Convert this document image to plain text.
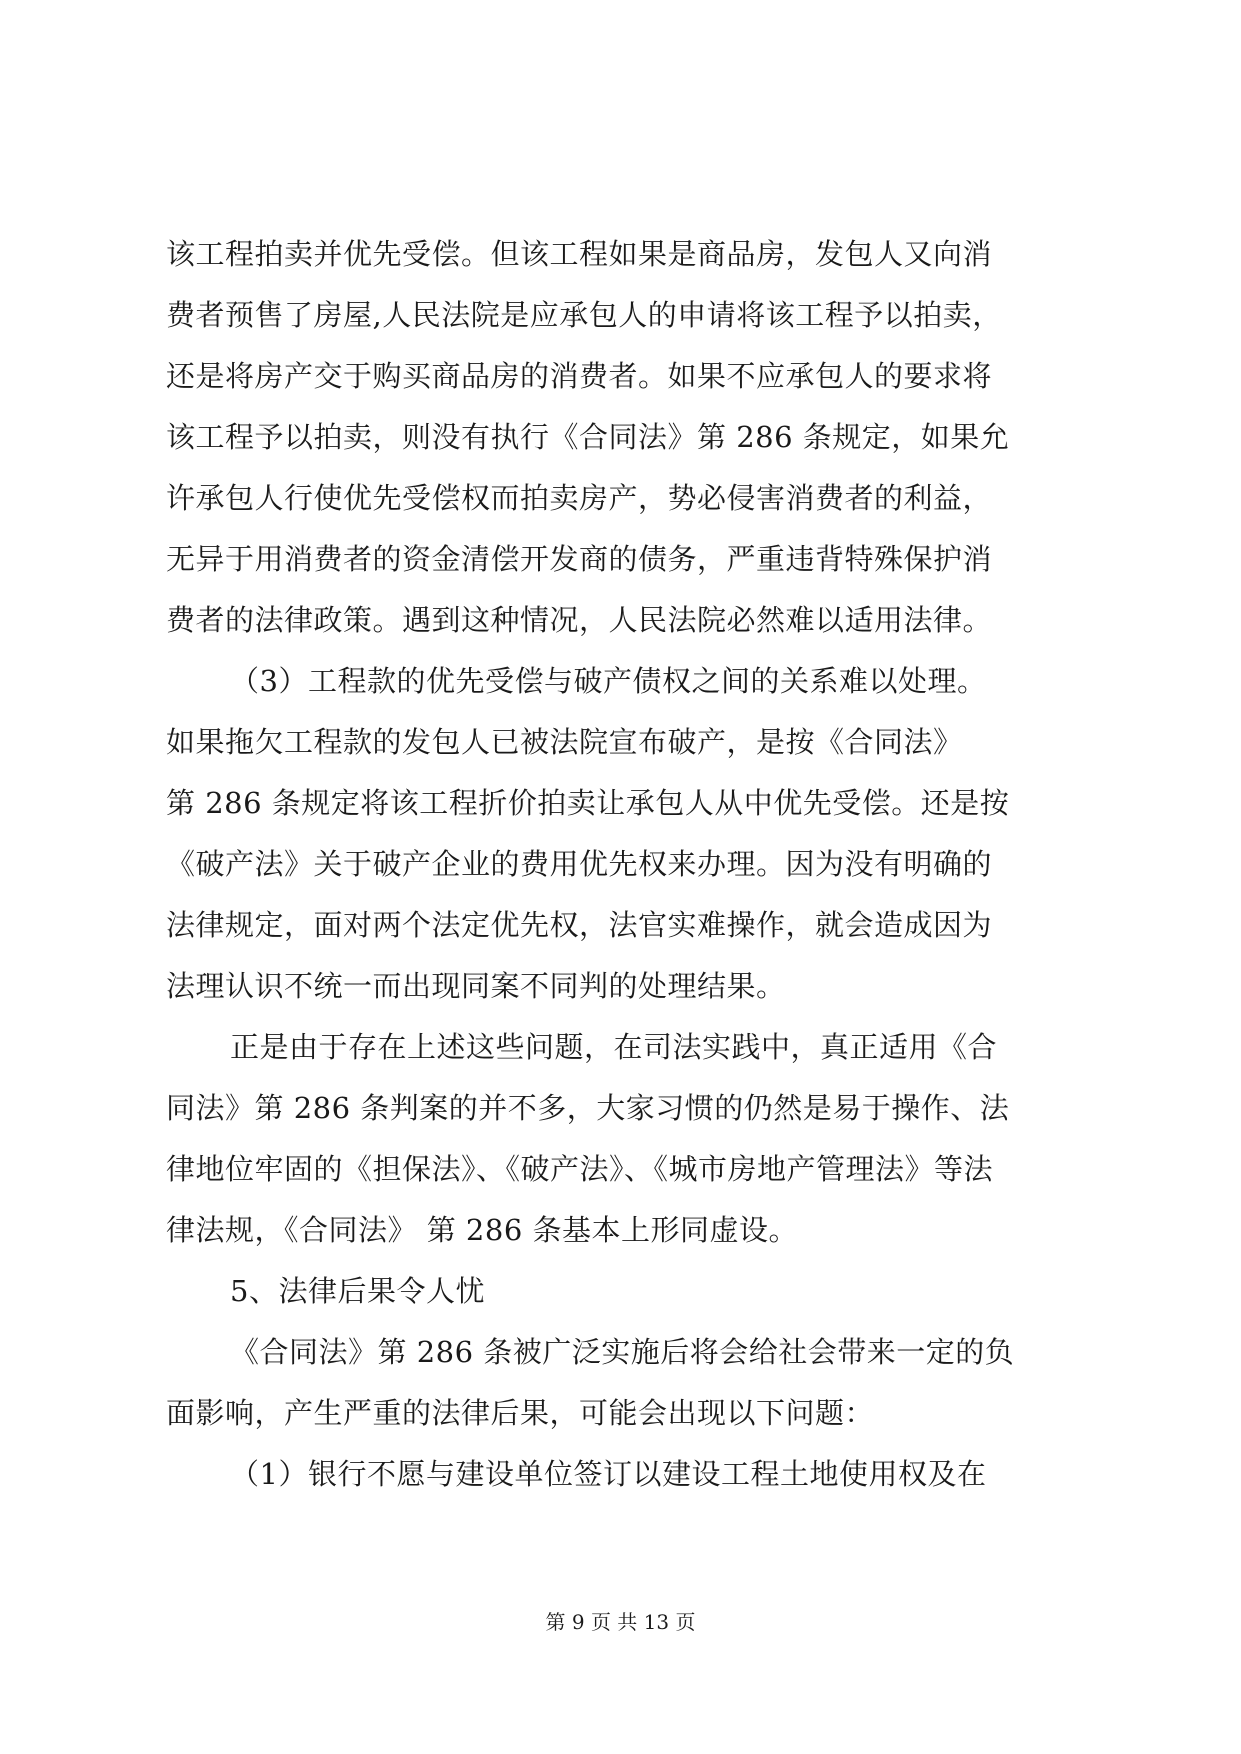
该工程拍卖并优先受偿。但该工程如果是商品房，发包人又向消
费者预售了房屋,人民法院是应承包人的申请将该工程予以拍卖，
还是将房产交于购买商品房的消费者。如果不应承包人的要求将
该工程予以拍卖，则没有执行《合同法》第 286 条规定，如果允
许承包人行使优先受偿权而拍卖房产，势必侵害消费者的利益，
无异于用消费者的资金清偿开发商的债务，严重违背特殊保护消
费者的法律政策。遇到这种情况，人民法院必然难以适用法律。
（3）工程款的优先受偿与破产债权之间的关系难以处理。
如果拖欠工程款的发包人已被法院宣布破产，是按《合同法》
第 286 条规定将该工程折价拍卖让承包人从中优先受偿。还是按
《破产法》关于破产企业的费用优先权来办理。因为没有明确的
法律规定，面对两个法定优先权，法官实难操作，就会造成因为
法理认识不统一而出现同案不同判的处理结果。
正是由于存在上述这些问题，在司法实践中，真正适用《合
同法》第 286 条判案的并不多，大家习惯的仍然是易于操作、法
律地位牢固的《担保法》、《破产法》、《城市房地产管理法》等法
律法规，《合同法》 第 286 条基本上形同虚设。
5、法律后果令人忧
《合同法》第 286 条被广泛实施后将会给社会带来一定的负
面影响，产生严重的法律后果，可能会出现以下问题：
（1）银行不愿与建设单位签订以建设工程土地使用权及在
第 9 页 共 13 页
